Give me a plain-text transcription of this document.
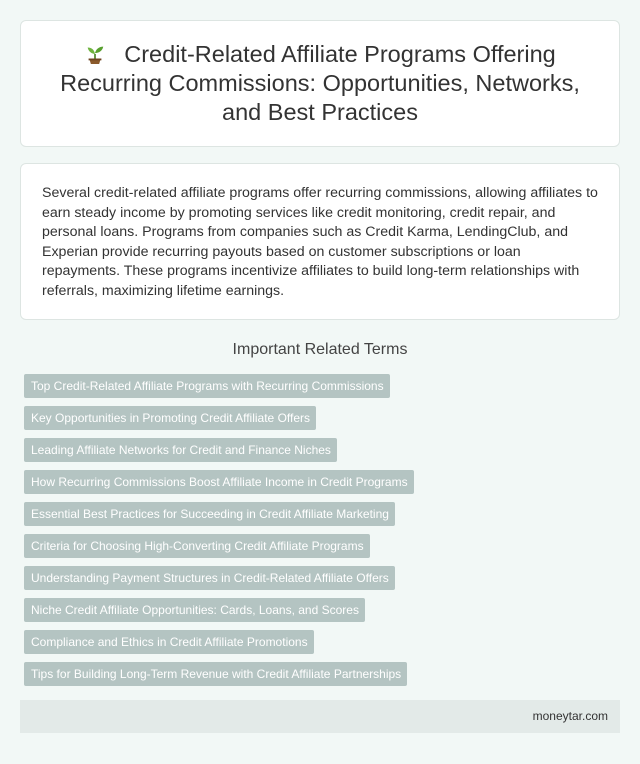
Credit-Related Affiliate Programs Offering Recurring Commissions: Opportunities, Networks, and Best Practices

Several credit-related affiliate programs offer recurring commissions, allowing affiliates to earn steady income by promoting services like credit monitoring, credit repair, and personal loans. Programs from companies such as Credit Karma, LendingClub, and Experian provide recurring payouts based on customer subscriptions or loan repayments. These programs incentivize affiliates to build long-term relationships with referrals, maximizing lifetime earnings.

Important Related Terms
Top Credit-Related Affiliate Programs with Recurring Commissions
Key Opportunities in Promoting Credit Affiliate Offers
Leading Affiliate Networks for Credit and Finance Niches
How Recurring Commissions Boost Affiliate Income in Credit Programs
Essential Best Practices for Succeeding in Credit Affiliate Marketing
Criteria for Choosing High-Converting Credit Affiliate Programs
Understanding Payment Structures in Credit-Related Affiliate Offers
Niche Credit Affiliate Opportunities: Cards, Loans, and Scores
Compliance and Ethics in Credit Affiliate Promotions
Tips for Building Long-Term Revenue with Credit Affiliate Partnerships
moneytar.com
